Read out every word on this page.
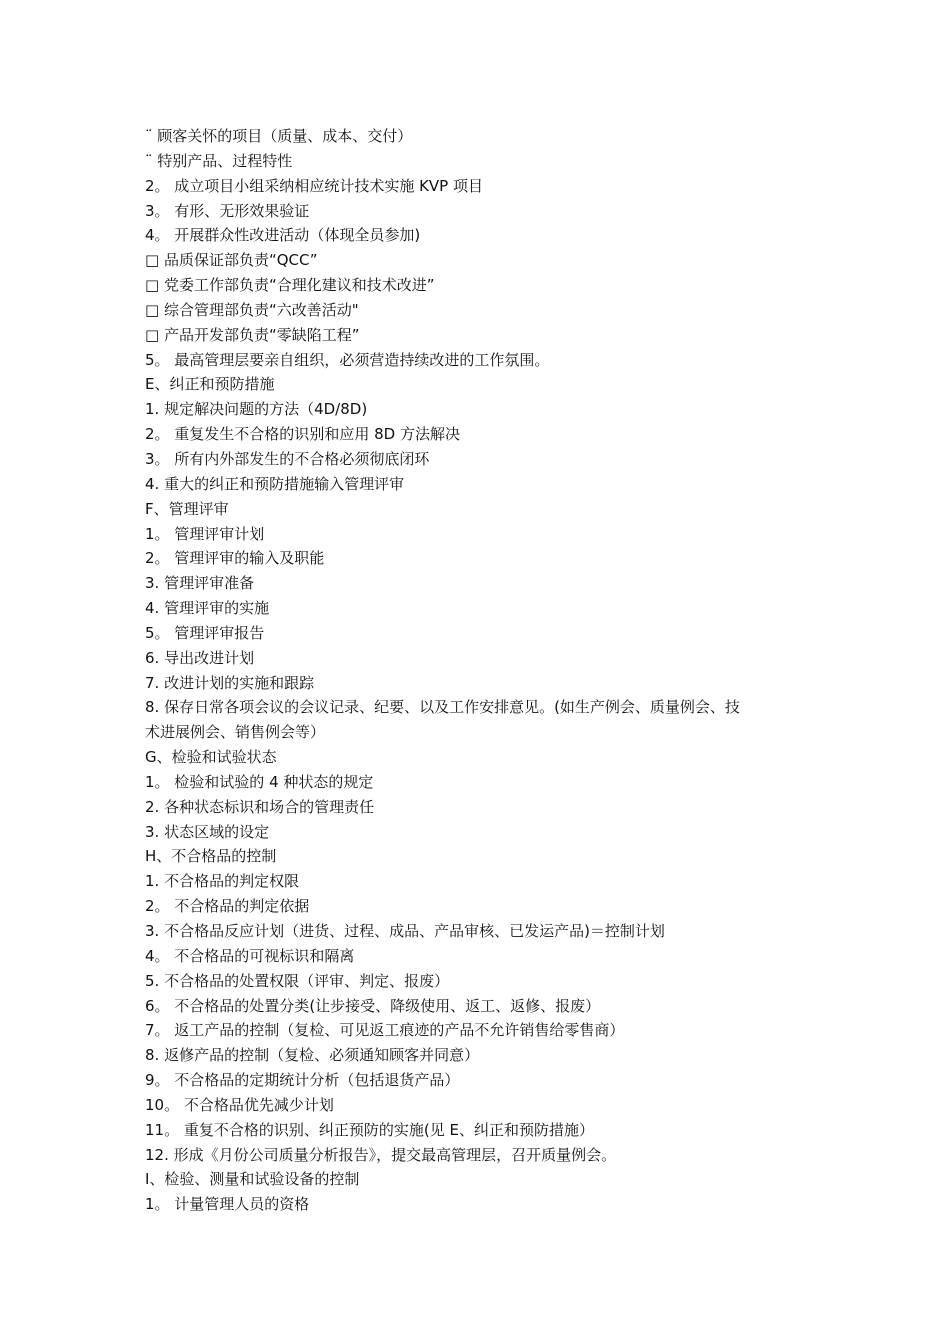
¨ 顾客关怀的项目（质量、成本、交付）
¨ 特别产品、过程特性
2。 成立项目小组采纳相应统计技术实施 KVP 项目
3。 有形、无形效果验证
4。 开展群众性改进活动（体现全员参加)
□ 品质保证部负责“QCC”
□ 党委工作部负责“合理化建议和技术改进”
□ 综合管理部负责“六改善活动"
□ 产品开发部负责“零缺陷工程”
5。 最高管理层要亲自组织，必须营造持续改进的工作氛围。
E、纠正和预防措施
1. 规定解决问题的方法（4D/8D)
2。 重复发生不合格的识别和应用 8D 方法解决
3。 所有内外部发生的不合格必须彻底闭环
4. 重大的纠正和预防措施输入管理评审
F、管理评审
1。 管理评审计划
2。 管理评审的输入及职能
3. 管理评审准备
4. 管理评审的实施
5。 管理评审报告
6. 导出改进计划
7. 改进计划的实施和跟踪
8. 保存日常各项会议的会议记录、纪要、以及工作安排意见。(如生产例会、质量例会、技
术进展例会、销售例会等）
G、检验和试验状态
1。 检验和试验的 4 种状态的规定
2. 各种状态标识和场合的管理责任
3. 状态区域的设定
H、不合格品的控制
1. 不合格品的判定权限
2。 不合格品的判定依据
3. 不合格品反应计划（进货、过程、成品、产品审核、已发运产品)＝控制计划
4。 不合格品的可视标识和隔离
5. 不合格品的处置权限（评审、判定、报废）
6。 不合格品的处置分类(让步接受、降级使用、返工、返修、报废）
7。 返工产品的控制（复检、可见返工痕迹的产品不允许销售给零售商）
8. 返修产品的控制（复检、必须通知顾客并同意）
9。 不合格品的定期统计分析（包括退货产品）
10。 不合格品优先减少计划
11。 重复不合格的识别、纠正预防的实施(见 E、纠正和预防措施）
12. 形成《月份公司质量分析报告》，提交最高管理层，召开质量例会。
I、检验、测量和试验设备的控制
1。 计量管理人员的资格
